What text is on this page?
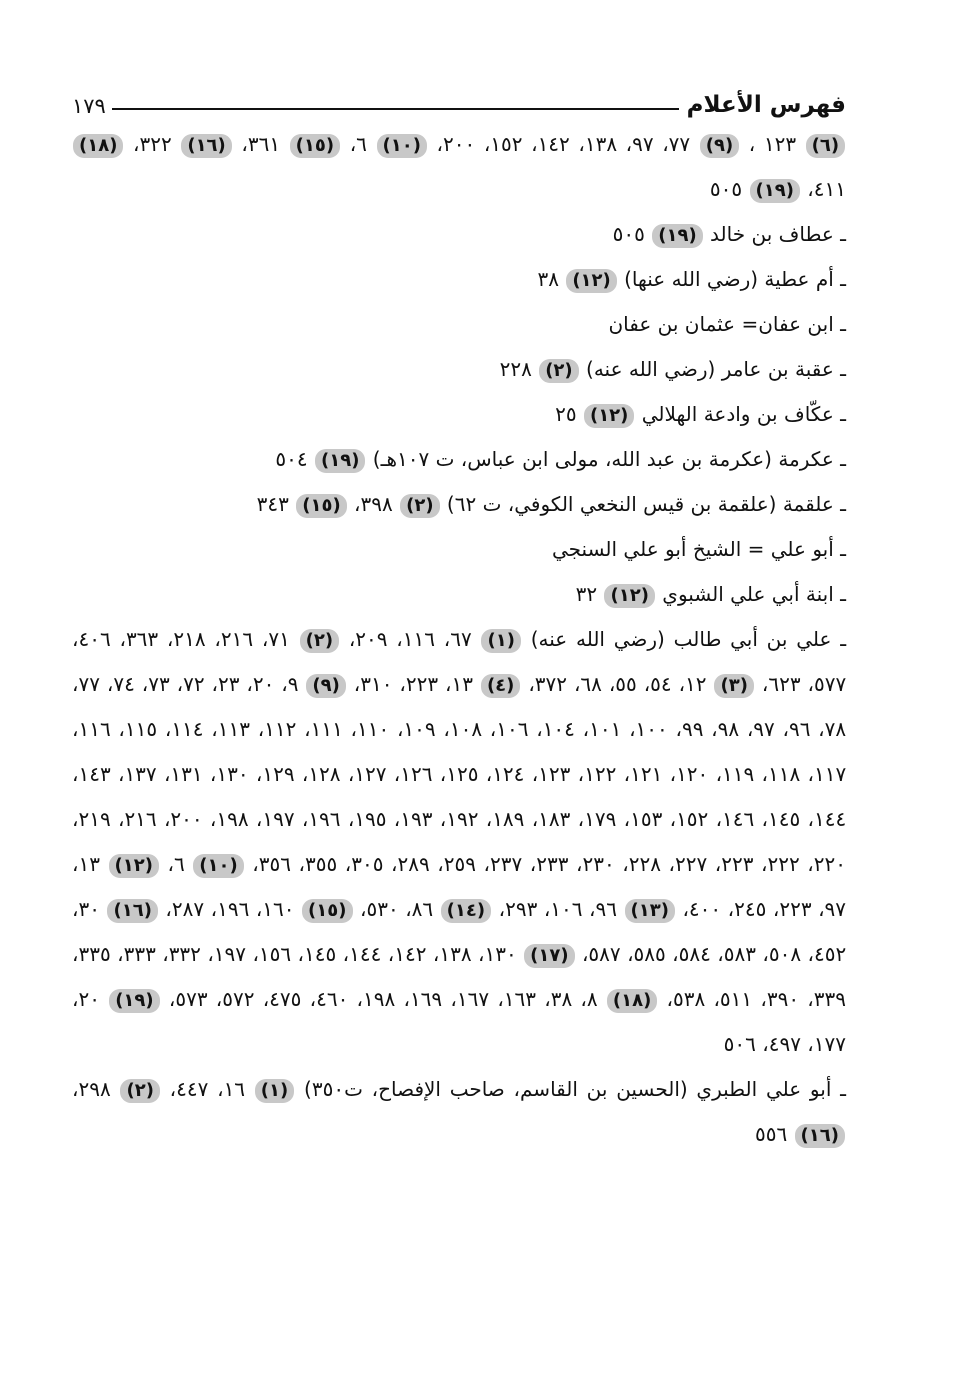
فهرس الأعلام
١٧٩

(٦) ١٢٣ ، (٩) ٧٧، ٩٧، ١٣٨، ١٤٢، ١٥٢، ٢٠٠، (١٠) ٦، (١٥) ٣٦١، (١٦) ٣٢٢، (١٨) ٤١١، (١٩) ٥٠٥

ـ عطاف بن خالد (١٩) ٥٠٥

ـ أم عطية (رضي الله عنها) (١٢) ٣٨

ـ ابن عفان= عثمان بن عفان

ـ عقبة بن عامر (رضي الله عنه) (٢) ٢٢٨

ـ عكّاف بن وادعة الهلالي (١٢) ٢٥

ـ عكرمة (عكرمة بن عبد الله، مولى ابن عباس، ت ١٠٧هـ) (١٩) ٥٠٤

ـ علقمة (علقمة بن قيس النخعي الكوفي، ت ٦٢) (٢) ٣٩٨، (١٥) ٣٤٣

ـ أبو علي = الشيخ أبو علي السنجي

ـ ابنة أبي علي الشبوي (١٢) ٣٢

ـ علي بن أبي طالب (رضي الله عنه) (١) ٦٧، ١١٦، ٢٠٩، (٢) ٧١، ٢١٦، ٢١٨، ٣٦٣، ٤٠٦، ٥٧٧، ٦٢٣، (٣) ١٢، ٥٤، ٥٥، ٦٨، ٣٧٢، (٤) ١٣، ٢٢٣، ٣١٠، (٩) ٩، ٢٠، ٢٣، ٧٢، ٧٣، ٧٤، ٧٧، ٧٨، ٩٦، ٩٧، ٩٨، ٩٩، ١٠٠، ١٠١، ١٠٤، ١٠٦، ١٠٨، ١٠٩، ١١٠، ١١١، ١١٢، ١١٣، ١١٤، ١١٥، ١١٦، ١١٧، ١١٨، ١١٩، ١٢٠، ١٢١، ١٢٢، ١٢٣، ١٢٤، ١٢٥، ١٢٦، ١٢٧، ١٢٨، ١٢٩، ١٣٠، ١٣١، ١٣٧، ١٤٣، ١٤٤، ١٤٥، ١٤٦، ١٥٢، ١٥٣، ١٧٩، ١٨٣، ١٨٩، ١٩٢، ١٩٣، ١٩٥، ١٩٦، ١٩٧، ١٩٨، ٢٠٠، ٢١٦، ٢١٩، ٢٢٠، ٢٢٢، ٢٢٣، ٢٢٧، ٢٢٨، ٢٣٠، ٢٣٣، ٢٣٧، ٢٥٩، ٢٨٩، ٣٠٥، ٣٥٥، ٣٥٦، (١٠) ٦، (١٢) ١٣، ٩٧، ٢٢٣، ٢٤٥، ٤٠٠، (١٣) ٩٦، ١٠٦، ٢٩٣، (١٤) ٨٦، ٥٣٠، (١٥) ١٦٠، ١٩٦، ٢٨٧، (١٦) ٣٠، ٤٥٢، ٥٠٨، ٥٨٣، ٥٨٤، ٥٨٥، ٥٨٧، (١٧) ١٣٠، ١٣٨، ١٤٢، ١٤٤، ١٤٥، ١٥٦، ١٩٧، ٣٣٢، ٣٣٣، ٣٣٥، ٣٣٩، ٣٩٠، ٥١١، ٥٣٨، (١٨) ٨، ٣٨، ١٦٣، ١٦٧، ١٦٩، ١٩٨، ٤٦٠، ٤٧٥، ٥٧٢، ٥٧٣، (١٩) ٢٠، ١٧٧، ٤٩٧، ٥٠٦

ـ أبو علي الطبري (الحسين بن القاسم، صاحب الإفصاح، ت٣٥٠) (١) ١٦، ٤٤٧، (٢) ٢٩٨، (١٦) ٥٥٦
